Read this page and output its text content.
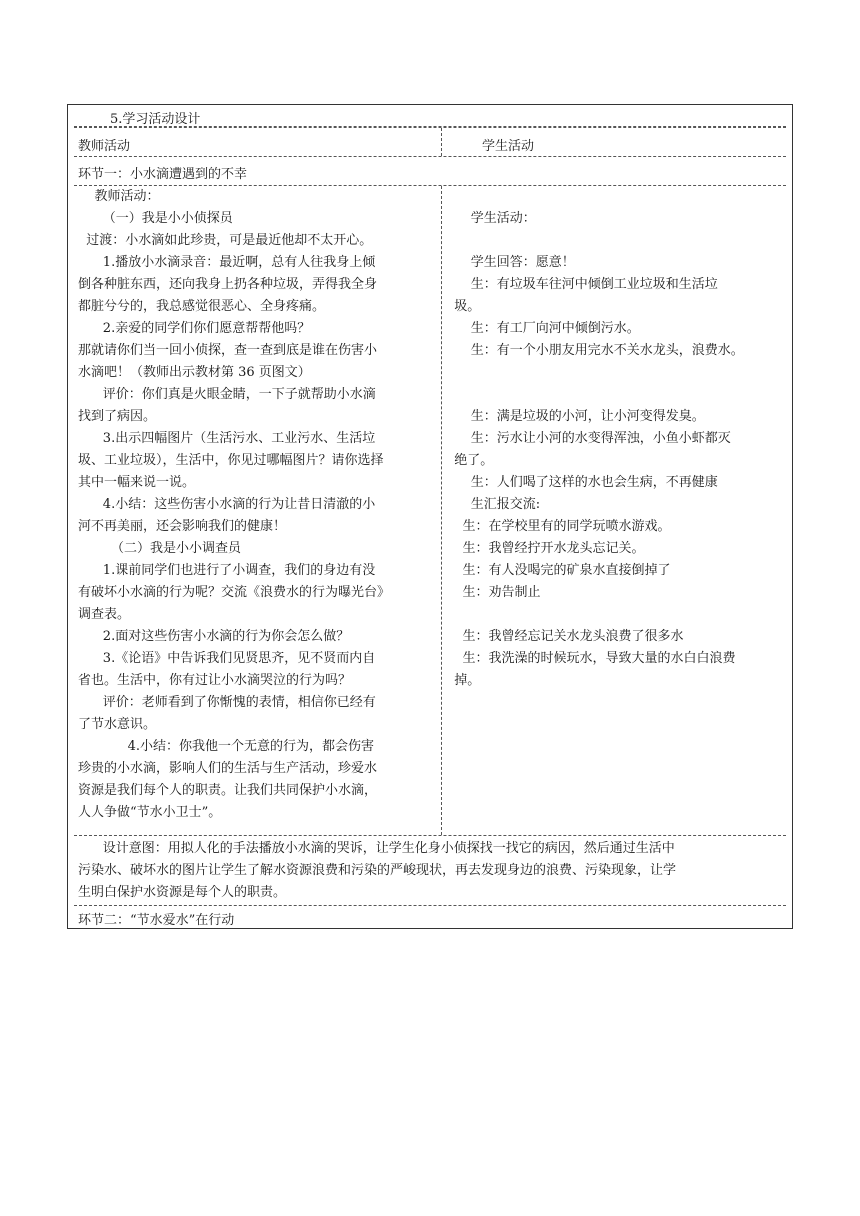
5.学习活动设计
教师活动	学生活动
环节一：小水滴遭遇到的不幸
教师活动：
（一）我是小小侦探员
过渡：小水滴如此珍贵，可是最近他却不太开心。
1.播放小水滴录音：最近啊，总有人往我身上倾
倒各种脏东西，还向我身上扔各种垃圾，弄得我全身
都脏兮兮的，我总感觉很恶心、全身疼痛。
2.亲爱的同学们你们愿意帮帮他吗？
那就请你们当一回小侦探，查一查到底是谁在伤害小
水滴吧！（教师出示教材第 36 页图文）
评价：你们真是火眼金睛，一下子就帮助小水滴
找到了病因。
3.出示四幅图片（生活污水、工业污水、生活垃
圾、工业垃圾），生活中，你见过哪幅图片？请你选择
其中一幅来说一说。
4.小结：这些伤害小水滴的行为让昔日清澈的小
河不再美丽，还会影响我们的健康！
（二）我是小小调查员
1.课前同学们也进行了小调查，我们的身边有没
有破坏小水滴的行为呢？交流《浪费水的行为曝光台》
调查表。
2.面对这些伤害小水滴的行为你会怎么做？
3.《论语》中告诉我们见贤思齐，见不贤而内自
省也。生活中，你有过让小水滴哭泣的行为吗？
评价：老师看到了你惭愧的表情，相信你已经有
了节水意识。
4.小结：你我他一个无意的行为，都会伤害
珍贵的小水滴，影响人们的生活与生产活动，珍爱水
资源是我们每个人的职责。让我们共同保护小水滴，
人人争做“节水小卫士”。
学生活动：
学生回答：愿意！
生：有垃圾车往河中倾倒工业垃圾和生活垃
圾。
生：有工厂向河中倾倒污水。
生：有一个小朋友用完水不关水龙头，浪费水。
生：满是垃圾的小河，让小河变得发臭。
生：污水让小河的水变得浑浊，小鱼小虾都灭
绝了。
生：人们喝了这样的水也会生病，不再健康
生汇报交流:
生：在学校里有的同学玩喷水游戏。
生：我曾经拧开水龙头忘记关。
生：有人没喝完的矿泉水直接倒掉了
生：劝告制止
生：我曾经忘记关水龙头浪费了很多水
生：我洗澡的时候玩水，导致大量的水白白浪费
掉。
设计意图：用拟人化的手法播放小水滴的哭诉，让学生化身小侦探找一找它的病因，然后通过生活中
污染水、破坏水的图片让学生了解水资源浪费和污染的严峻现状，再去发现身边的浪费、污染现象，让学
生明白保护水资源是每个人的职责。
环节二：“节水爱水”在行动
